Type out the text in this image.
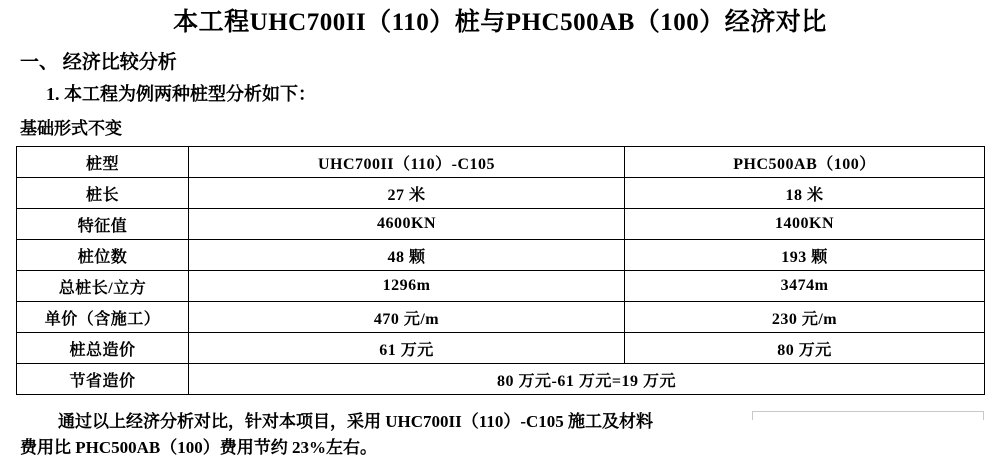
本工程UHC700II（110）桩与PHC500AB（100）经济对比
一、 经济比较分析
1. 本工程为例两种桩型分析如下：
基础形式不变
桩型	UHC700II（110）-C105	PHC500AB（100）
桩长	27 米	18 米
特征值	4600KN	1400KN
桩位数	48 颗	193 颗
总桩长/立方	1296m	3474m
单价（含施工）	470 元/m	230 元/m
桩总造价	61 万元	80 万元
节省造价	80 万元-61 万元=19 万元	
通过以上经济分析对比，针对本项目，采用 UHC700II（110）-C105 施工及材料
费用比 PHC500AB（100）费用节约 23%左右。
